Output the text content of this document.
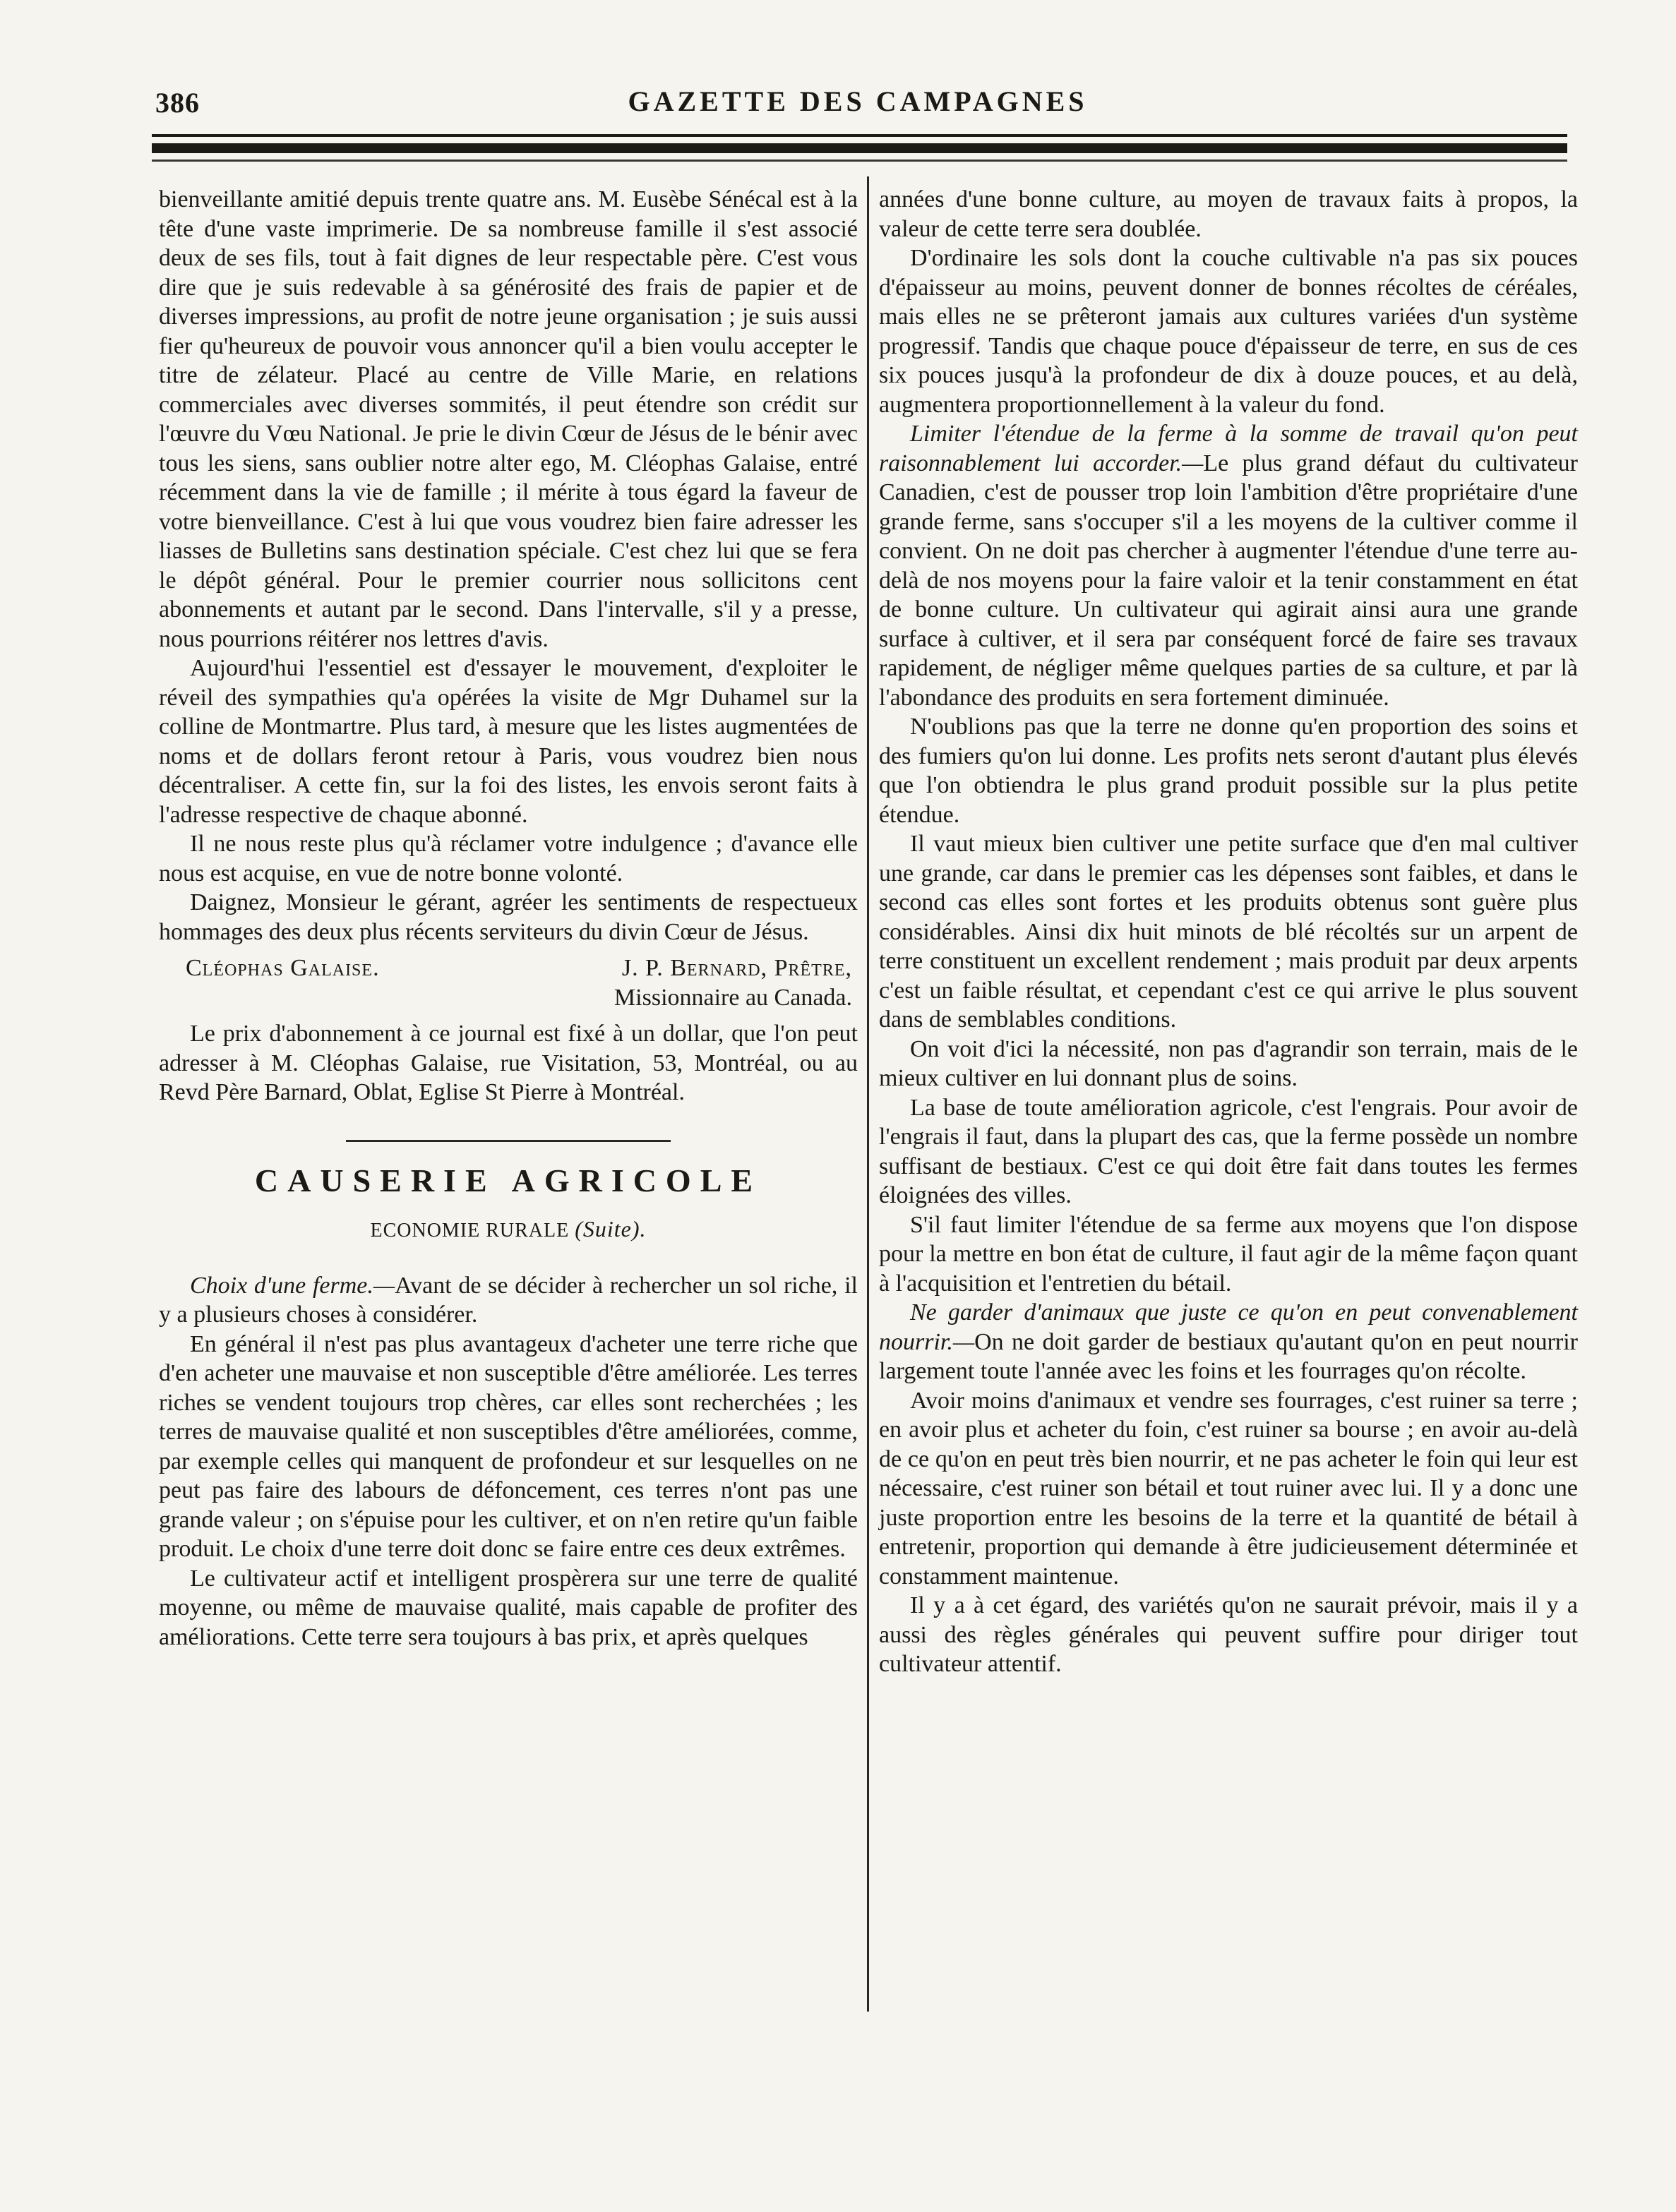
386	GAZETTE DES CAMPAGNES

bienveillante amitié depuis trente quatre ans. M. Eusèbe Sénécal est à la tête d'une vaste imprimerie. De sa nombreuse famille il s'est associé deux de ses fils, tout à fait dignes de leur respectable père. C'est vous dire que je suis redevable à sa générosité des frais de papier et de diverses impressions, au profit de notre jeune organisation ; je suis aussi fier qu'heureux de pouvoir vous annoncer qu'il a bien voulu accepter le titre de zélateur. Placé au centre de Ville Marie, en relations commerciales avec diverses sommités, il peut étendre son crédit sur l'œuvre du Vœu National. Je prie le divin Cœur de Jésus de le bénir avec tous les siens, sans oublier notre alter ego, M. Cléophas Galaise, entré récemment dans la vie de famille ; il mérite à tous égard la faveur de votre bienveillance. C'est à lui que vous voudrez bien faire adresser les liasses de Bulletins sans destination spéciale. C'est chez lui que se fera le dépôt général. Pour le premier courrier nous sollicitons cent abonnements et autant par le second. Dans l'intervalle, s'il y a presse, nous pourrions réitérer nos lettres d'avis.

Aujourd'hui l'essentiel est d'essayer le mouvement, d'exploiter le réveil des sympathies qu'a opérées la visite de Mgr Duhamel sur la colline de Montmartre. Plus tard, à mesure que les listes augmentées de noms et de dollars feront retour à Paris, vous voudrez bien nous décentraliser. A cette fin, sur la foi des listes, les envois seront faits à l'adresse respective de chaque abonné.

Il ne nous reste plus qu'à réclamer votre indulgence ; d'avance elle nous est acquise, en vue de notre bonne volonté.

Daignez, Monsieur le gérant, agréer les sentiments de respectueux hommages des deux plus récents serviteurs du divin Cœur de Jésus.

Cléophas Galaise.	J. P. Bernard, Prêtre,

Missionnaire au Canada.

Le prix d'abonnement à ce journal est fixé à un dollar, que l'on peut adresser à M. Cléophas Galaise, rue Visitation, 53, Montréal, ou au Revd Père Barnard, Oblat, Eglise St Pierre à Montréal.

CAUSERIE AGRICOLE
ECONOMIE RURALE (Suite).

Choix d'une ferme.—Avant de se décider à rechercher un sol riche, il y a plusieurs choses à considérer.

En général il n'est pas plus avantageux d'acheter une terre riche que d'en acheter une mauvaise et non susceptible d'être améliorée. Les terres riches se vendent toujours trop chères, car elles sont recherchées ; les terres de mauvaise qualité et non susceptibles d'être améliorées, comme, par exemple celles qui manquent de profondeur et sur lesquelles on ne peut pas faire des labours de défoncement, ces terres n'ont pas une grande valeur ; on s'épuise pour les cultiver, et on n'en retire qu'un faible produit. Le choix d'une terre doit donc se faire entre ces deux extrêmes.

Le cultivateur actif et intelligent prospèrera sur une terre de qualité moyenne, ou même de mauvaise qualité, mais capable de profiter des améliorations. Cette terre sera toujours à bas prix, et après quelques

années d'une bonne culture, au moyen de travaux faits à propos, la valeur de cette terre sera doublée.

D'ordinaire les sols dont la couche cultivable n'a pas six pouces d'épaisseur au moins, peuvent donner de bonnes récoltes de céréales, mais elles ne se prêteront jamais aux cultures variées d'un système progressif. Tandis que chaque pouce d'épaisseur de terre, en sus de ces six pouces jusqu'à la profondeur de dix à douze pouces, et au delà, augmentera proportionnellement à la valeur du fond.

Limiter l'étendue de la ferme à la somme de travail qu'on peut raisonnablement lui accorder.—Le plus grand défaut du cultivateur Canadien, c'est de pousser trop loin l'ambition d'être propriétaire d'une grande ferme, sans s'occuper s'il a les moyens de la cultiver comme il convient. On ne doit pas chercher à augmenter l'étendue d'une terre au-delà de nos moyens pour la faire valoir et la tenir constamment en état de bonne culture. Un cultivateur qui agirait ainsi aura une grande surface à cultiver, et il sera par conséquent forcé de faire ses travaux rapidement, de négliger même quelques parties de sa culture, et par là l'abondance des produits en sera fortement diminuée.

N'oublions pas que la terre ne donne qu'en proportion des soins et des fumiers qu'on lui donne. Les profits nets seront d'autant plus élevés que l'on obtiendra le plus grand produit possible sur la plus petite étendue.

Il vaut mieux bien cultiver une petite surface que d'en mal cultiver une grande, car dans le premier cas les dépenses sont faibles, et dans le second cas elles sont fortes et les produits obtenus sont guère plus considérables. Ainsi dix huit minots de blé récoltés sur un arpent de terre constituent un excellent rendement ; mais produit par deux arpents c'est un faible résultat, et cependant c'est ce qui arrive le plus souvent dans de semblables conditions.

On voit d'ici la nécessité, non pas d'agrandir son terrain, mais de le mieux cultiver en lui donnant plus de soins.

La base de toute amélioration agricole, c'est l'engrais. Pour avoir de l'engrais il faut, dans la plupart des cas, que la ferme possède un nombre suffisant de bestiaux. C'est ce qui doit être fait dans toutes les fermes éloignées des villes.

S'il faut limiter l'étendue de sa ferme aux moyens que l'on dispose pour la mettre en bon état de culture, il faut agir de la même façon quant à l'acquisition et l'entretien du bétail.

Ne garder d'animaux que juste ce qu'on en peut convenablement nourrir.—On ne doit garder de bestiaux qu'autant qu'on en peut nourrir largement toute l'année avec les foins et les fourrages qu'on récolte.

Avoir moins d'animaux et vendre ses fourrages, c'est ruiner sa terre ; en avoir plus et acheter du foin, c'est ruiner sa bourse ; en avoir au-delà de ce qu'on en peut très bien nourrir, et ne pas acheter le foin qui leur est nécessaire, c'est ruiner son bétail et tout ruiner avec lui. Il y a donc une juste proportion entre les besoins de la terre et la quantité de bétail à entretenir, proportion qui demande à être judicieusement déterminée et constamment maintenue.

Il y a à cet égard, des variétés qu'on ne saurait prévoir, mais il y a aussi des règles générales qui peuvent suffire pour diriger tout cultivateur attentif.
